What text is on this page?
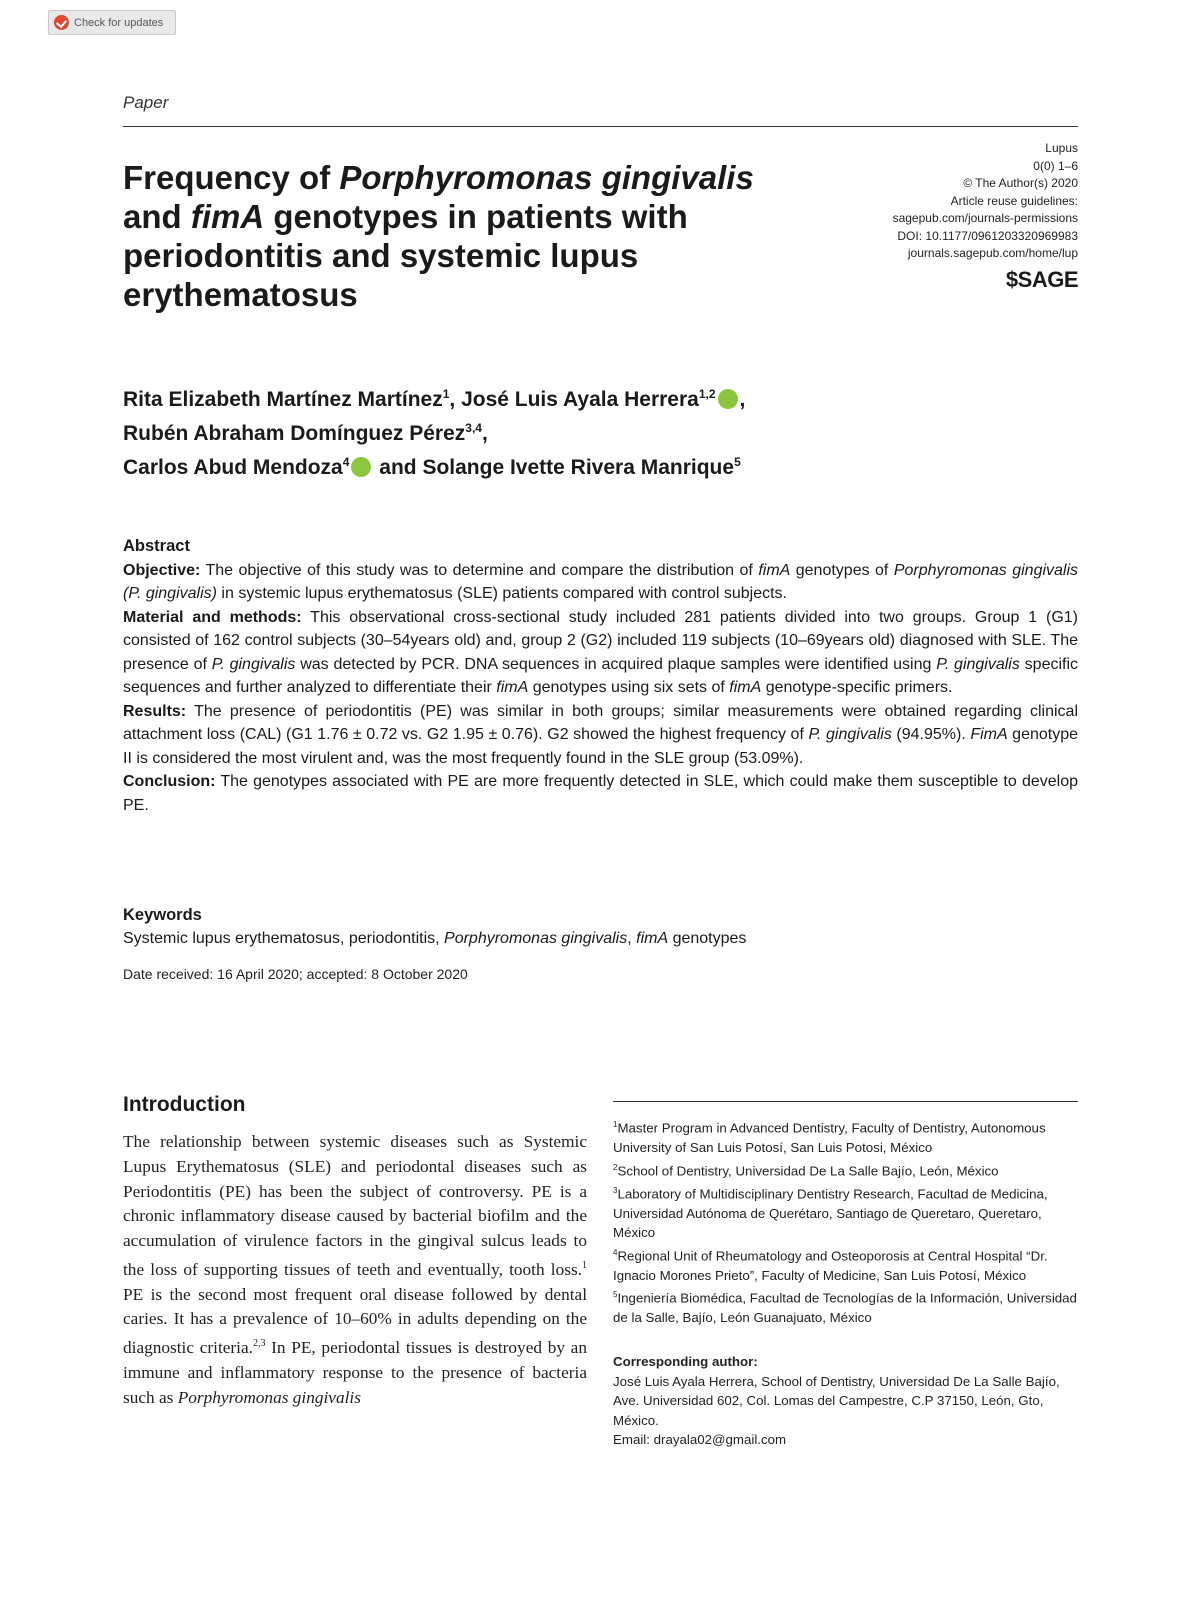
Check for updates
Paper
Frequency of Porphyromonas gingivalis and fimA genotypes in patients with periodontitis and systemic lupus erythematosus
Lupus
0(0) 1–6
© The Author(s) 2020
Article reuse guidelines:
sagepub.com/journals-permissions
DOI: 10.1177/0961203320969983
journals.sagepub.com/home/lup
$SAGE
Rita Elizabeth Martínez Martínez$^1$, José Luis Ayala Herrera$^{1,2}$ ,
Rubén Abraham Domínguez Pérez$^{3,4}$,
Carlos Abud Mendoza$^4$ and Solange Ivette Rivera Manrique$^5$
Abstract

Objective: The objective of this study was to determine and compare the distribution of fimA genotypes of Porphyromonas gingivalis (P. gingivalis) in systemic lupus erythematosus (SLE) patients compared with control subjects.

Material and methods: This observational cross-sectional study included 281 patients divided into two groups. Group 1 (G1) consisted of 162 control subjects (30–54years old) and, group 2 (G2) included 119 subjects (10–69years old) diagnosed with SLE. The presence of P. gingivalis was detected by PCR. DNA sequences in acquired plaque samples were identified using P. gingivalis specific sequences and further analyzed to differentiate their fimA genotypes using six sets of fimA genotype-specific primers.

Results: The presence of periodontitis (PE) was similar in both groups; similar measurements were obtained regarding clinical attachment loss (CAL) (G1 1.76 ± 0.72 vs. G2 1.95 ± 0.76). G2 showed the highest frequency of P. gingivalis (94.95%). FimA genotype II is considered the most virulent and, was the most frequently found in the SLE group (53.09%).

Conclusion: The genotypes associated with PE are more frequently detected in SLE, which could make them susceptible to develop PE.

Keywords

Systemic lupus erythematosus, periodontitis, Porphyromonas gingivalis, fimA genotypes

Date received: 16 April 2020; accepted: 8 October 2020
Introduction
The relationship between systemic diseases such as Systemic Lupus Erythematosus (SLE) and periodontal diseases such as Periodontitis (PE) has been the subject of controversy. PE is a chronic inflammatory disease caused by bacterial biofilm and the accumulation of virulence factors in the gingival sulcus leads to the loss of supporting tissues of teeth and eventually, tooth loss.$^1$ PE is the second most frequent oral disease followed by dental caries. It has a prevalence of 10–60% in adults depending on the diagnostic criteria.$^{2,3}$ In PE, periodontal tissues is destroyed by an immune and inflammatory response to the presence of bacteria such as Porphyromonas gingivalis

$^1$Master Program in Advanced Dentistry, Faculty of Dentistry, Autonomous University of San Luis Potosí, San Luis Potosi, México

$^2$School of Dentistry, Universidad De La Salle Bajío, León, México

$^3$Laboratory of Multidisciplinary Dentistry Research, Facultad de Medicina, Universidad Autónoma de Querétaro, Santiago de Queretaro, Queretaro, México

$^4$Regional Unit of Rheumatology and Osteoporosis at Central Hospital “Dr. Ignacio Morones Prieto”, Faculty of Medicine, San Luis Potosí, México

$^5$Ingeniería Biomédica, Facultad de Tecnologías de la Información, Universidad de la Salle, Bajío, León Guanajuato, México

Corresponding author:

José Luis Ayala Herrera, School of Dentistry, Universidad De La Salle Bajío, Ave. Universidad 602, Col. Lomas del Campestre, C.P 37150, León, Gto, México.

Email: drayala02@gmail.com
